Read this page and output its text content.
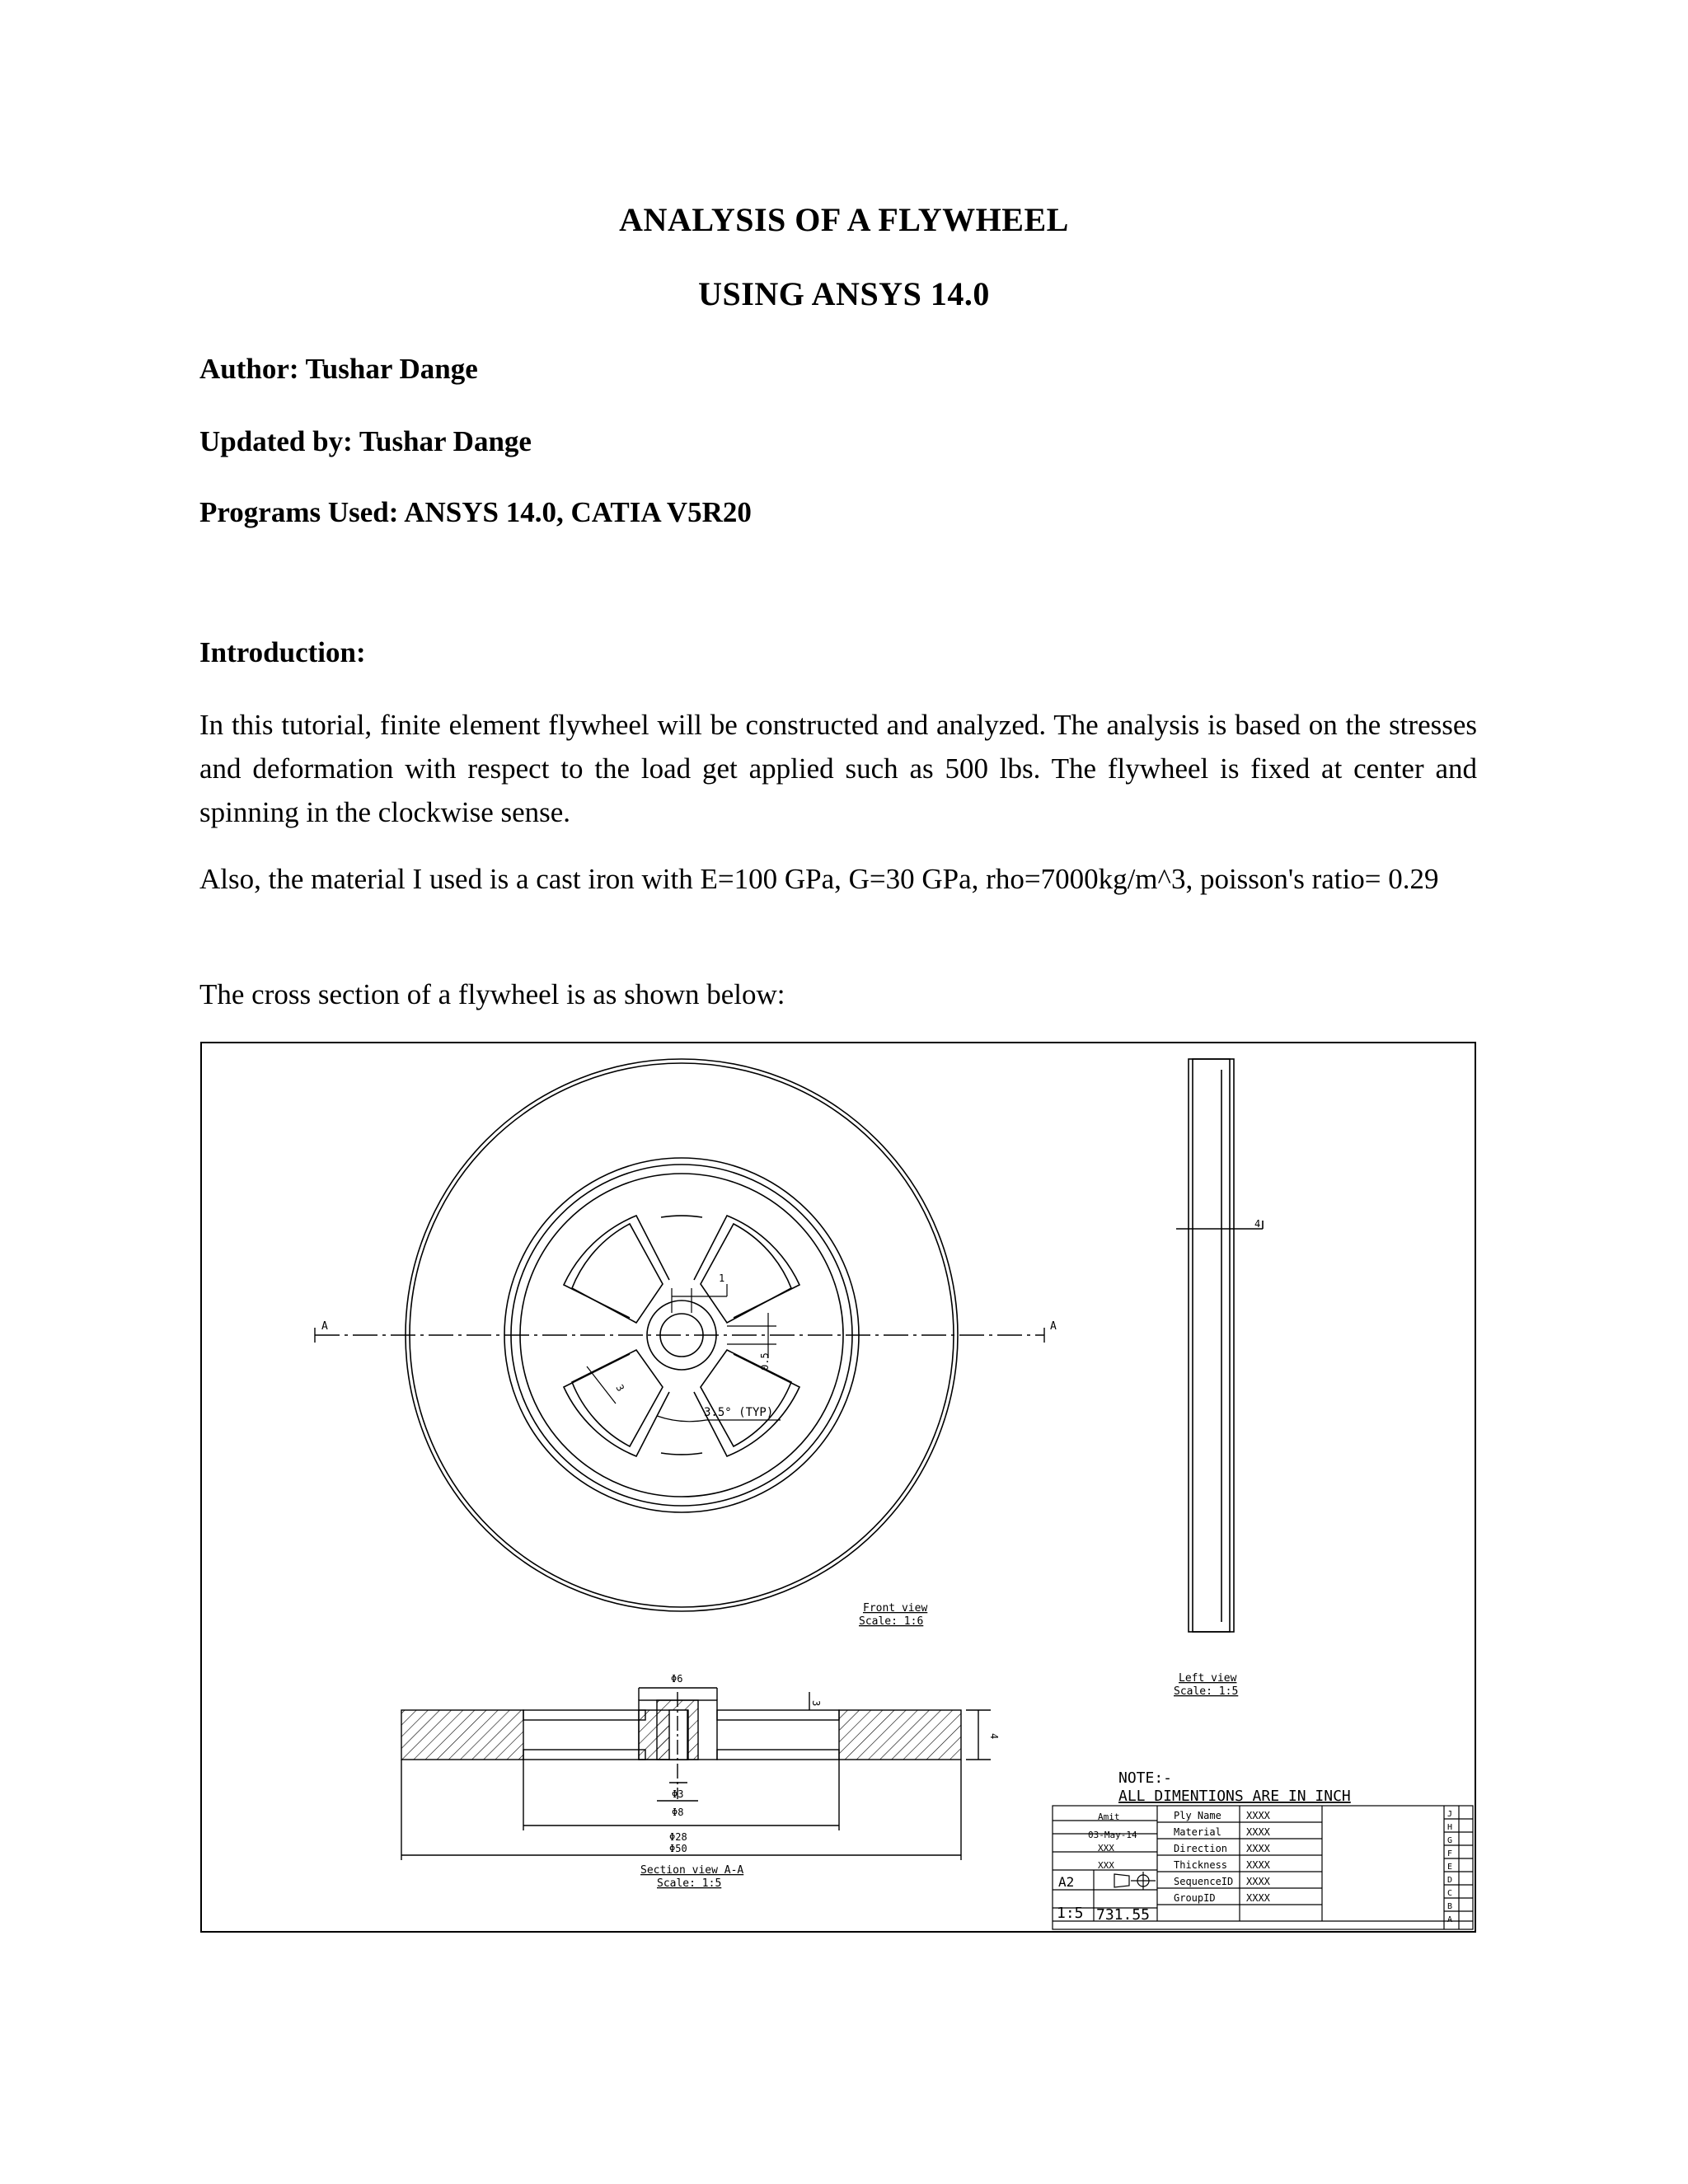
ANALYSIS OF A FLYWHEEL
USING ANSYS 14.0
Author: Tushar Dange
Updated by: Tushar Dange
Programs Used: ANSYS 14.0, CATIA V5R20
Introduction:
In this tutorial, finite element flywheel will be constructed and analyzed. The analysis is based on the stresses and deformation with respect to the load get applied such as 500 lbs. The flywheel is fixed at center and spinning in the clockwise sense.
Also, the material I used is a cast iron with E=100 GPa, G=30 GPa, rho=7000kg/m^3, poisson's ratio= 0.29
The cross section of a flywheel is as shown below:
A	A
1
0.5
3
3.5° (TYP)
Front view
Scale: 1:6
4
Left view
Scale: 1:5
Φ6
3
4
Φ3
Φ8
Φ28
Φ50
Section view A-A
Scale: 1:5
NOTE:-
ALL DIMENTIONS ARE IN INCH
Amit
03-May-14
XXX
XXX
A2
1:5 731.55
Ply Name	XXXX
Material	XXXX
Direction XXXX
Thickness XXXX
SequenceID XXXX
GroupID	XXXX
J
H
G
F
E
D
C
B
A
